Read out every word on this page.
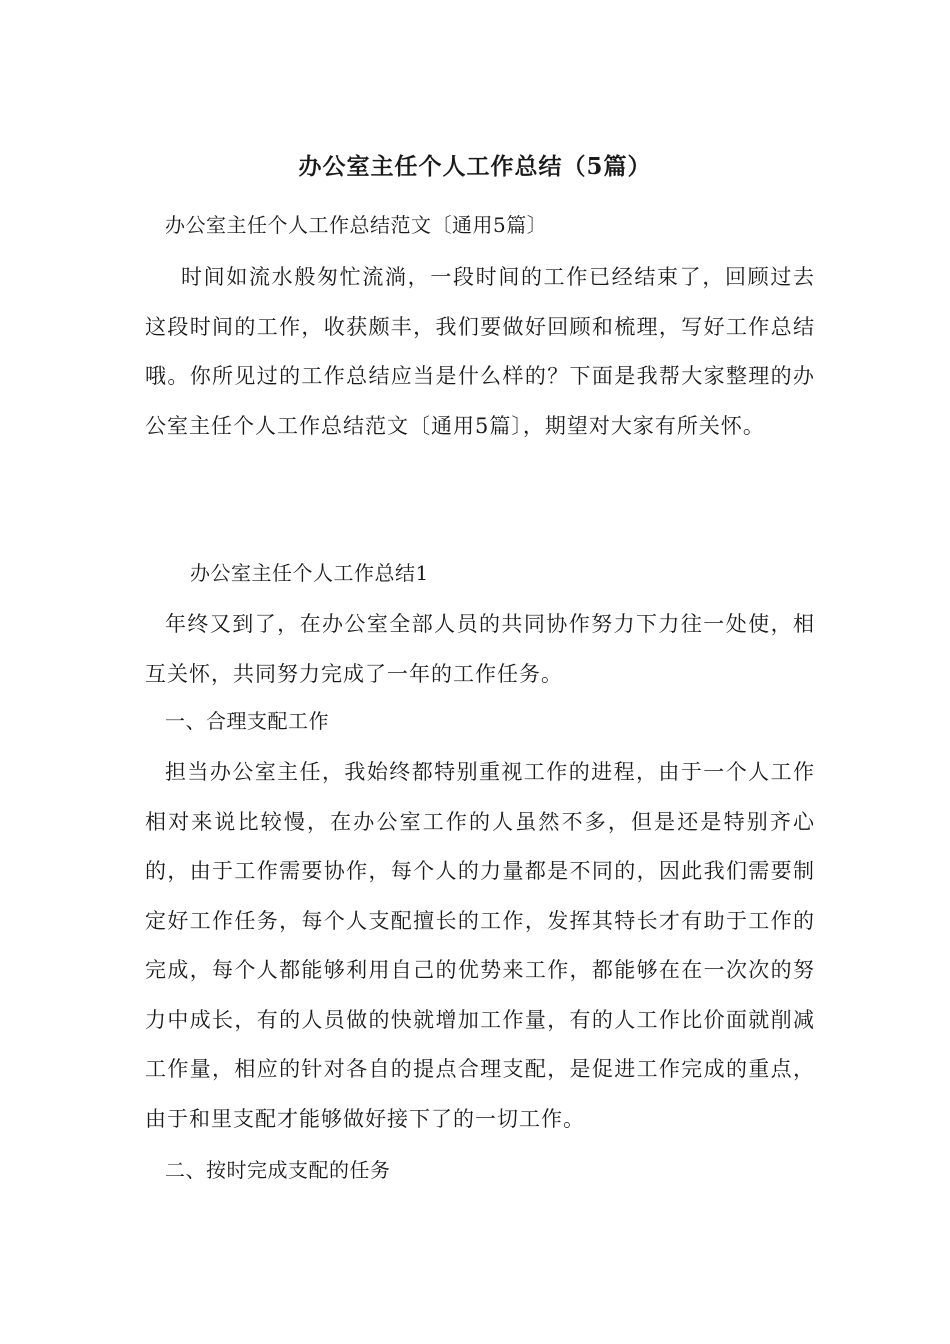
办公室主任个人工作总结（5篇）
办公室主任个人工作总结范文〔通用5篇〕
时间如流水般匆忙流淌，一段时间的工作已经结束了，回顾过去这段时间的工作，收获颇丰，我们要做好回顾和梳理，写好工作总结哦。你所见过的工作总结应当是什么样的？下面是我帮大家整理的办公室主任个人工作总结范文〔通用5篇〕，期望对大家有所关怀。
办公室主任个人工作总结1
年终又到了，在办公室全部人员的共同协作努力下力往一处使，相互关怀，共同努力完成了一年的工作任务。
一、合理支配工作
担当办公室主任，我始终都特别重视工作的进程，由于一个人工作相对来说比较慢，在办公室工作的人虽然不多，但是还是特别齐心的，由于工作需要协作，每个人的力量都是不同的，因此我们需要制定好工作任务，每个人支配擅长的工作，发挥其特长才有助于工作的完成，每个人都能够利用自己的优势来工作，都能够在在一次次的努力中成长，有的人员做的快就增加工作量，有的人工作比价面就削减工作量，相应的针对各自的提点合理支配，是促进工作完成的重点，由于和里支配才能够做好接下了的一切工作。
二、按时完成支配的任务
